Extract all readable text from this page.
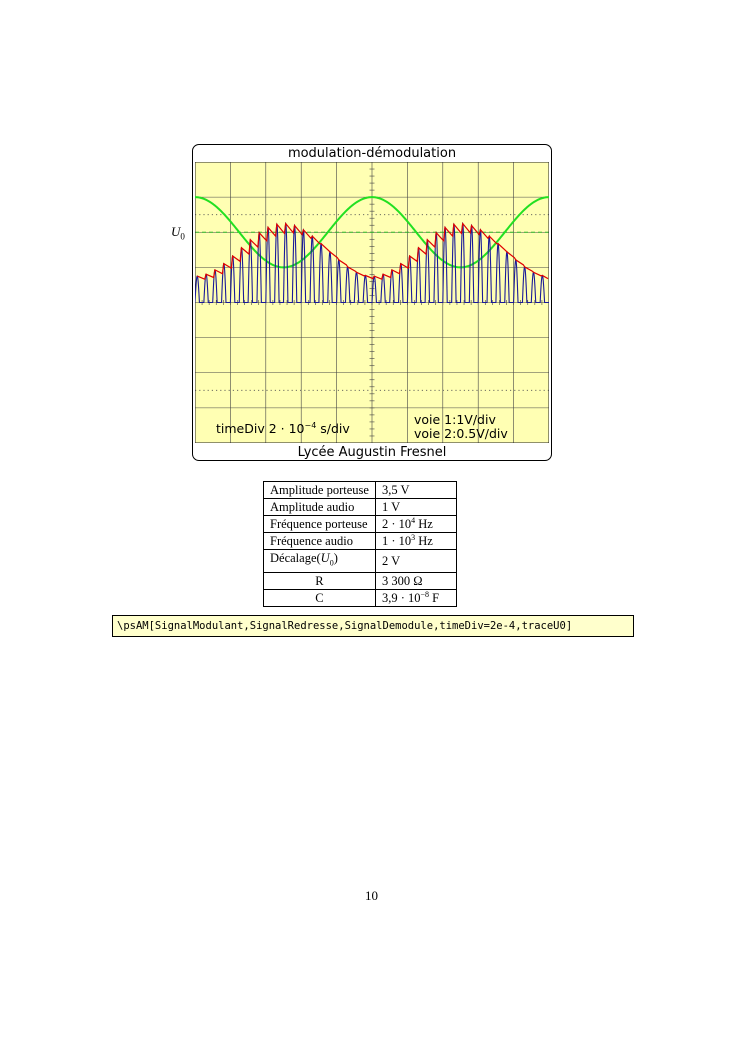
modulation-démodulation
$U_0$
timeDiv $2 \cdot 10^{-4}$ s/div
voie 1:1V/div
voie 2:0.5V/div
Lycée Augustin Fresnel
Amplitude porteuse	3,5 V
Amplitude audio	1 V
Fréquence porteuse	$2 \cdot 10^4$ Hz
Fréquence audio	$1 \cdot 10^3$ Hz
$Décalage(U_0)$	2 V
R	3 300 Ω
C	$3,9 \cdot 10^{-8}$ F
\psAM[SignalModulant,SignalRedresse,SignalDemodule,timeDiv=2e-4,traceU0]
10
